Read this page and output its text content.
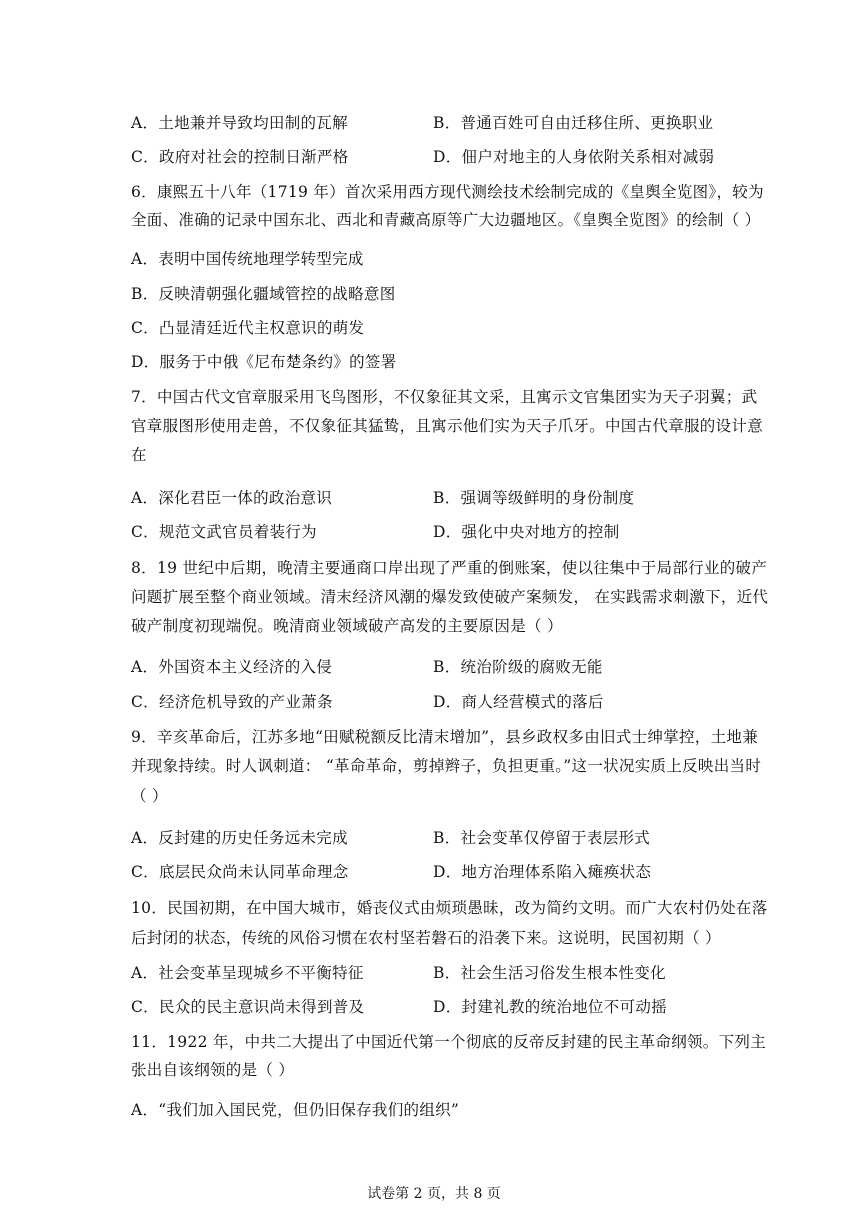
A．土地兼并导致均田制的瓦解	B．普通百姓可自由迁移住所、更换职业
C．政府对社会的控制日渐严格	D．佃户对地主的人身依附关系相对减弱
6．康熙五十八年（1719 年）首次采用西方现代测绘技术绘制完成的《皇舆全览图》，较为
全面、准确的记录中国东北、西北和青藏高原等广大边疆地区。《皇舆全览图》的绘制（ ）
A．表明中国传统地理学转型完成
B．反映清朝强化疆域管控的战略意图
C．凸显清廷近代主权意识的萌发
D．服务于中俄《尼布楚条约》的签署
7．中国古代文官章服采用飞鸟图形，不仅象征其文采，且寓示文官集团实为天子羽翼；武
官章服图形使用走兽，不仅象征其猛鸷，且寓示他们实为天子爪牙。中国古代章服的设计意
在
A．深化君臣一体的政治意识	B．强调等级鲜明的身份制度
C．规范文武官员着装行为	D．强化中央对地方的控制
8．19 世纪中后期，晚清主要通商口岸出现了严重的倒账案，使以往集中于局部行业的破产
问题扩展至整个商业领域。清末经济风潮的爆发致使破产案频发， 在实践需求刺激下，近代
破产制度初现端倪。晚清商业领域破产高发的主要原因是（ ）
A．外国资本主义经济的入侵	B．统治阶级的腐败无能
C．经济危机导致的产业萧条	D．商人经营模式的落后
9．辛亥革命后，江苏多地“田赋税额反比清末增加”，县乡政权多由旧式士绅掌控，土地兼
并现象持续。时人讽刺道： “革命革命，剪掉辫子，负担更重。”这一状况实质上反映出当时
（ ）
A．反封建的历史任务远未完成	B．社会变革仅停留于表层形式
C．底层民众尚未认同革命理念	D．地方治理体系陷入瘫痪状态
10．民国初期，在中国大城市，婚丧仪式由烦琐愚昧，改为简约文明。而广大农村仍处在落
后封闭的状态，传统的风俗习惯在农村坚若磐石的沿袭下来。这说明，民国初期（ ）
A．社会变革呈现城乡不平衡特征	B．社会生活习俗发生根本性变化
C．民众的民主意识尚未得到普及	D．封建礼教的统治地位不可动摇
11．1922 年，中共二大提出了中国近代第一个彻底的反帝反封建的民主革命纲领。下列主
张出自该纲领的是（ ）
A．“我们加入国民党，但仍旧保存我们的组织”
试卷第 2 页，共 8 页
